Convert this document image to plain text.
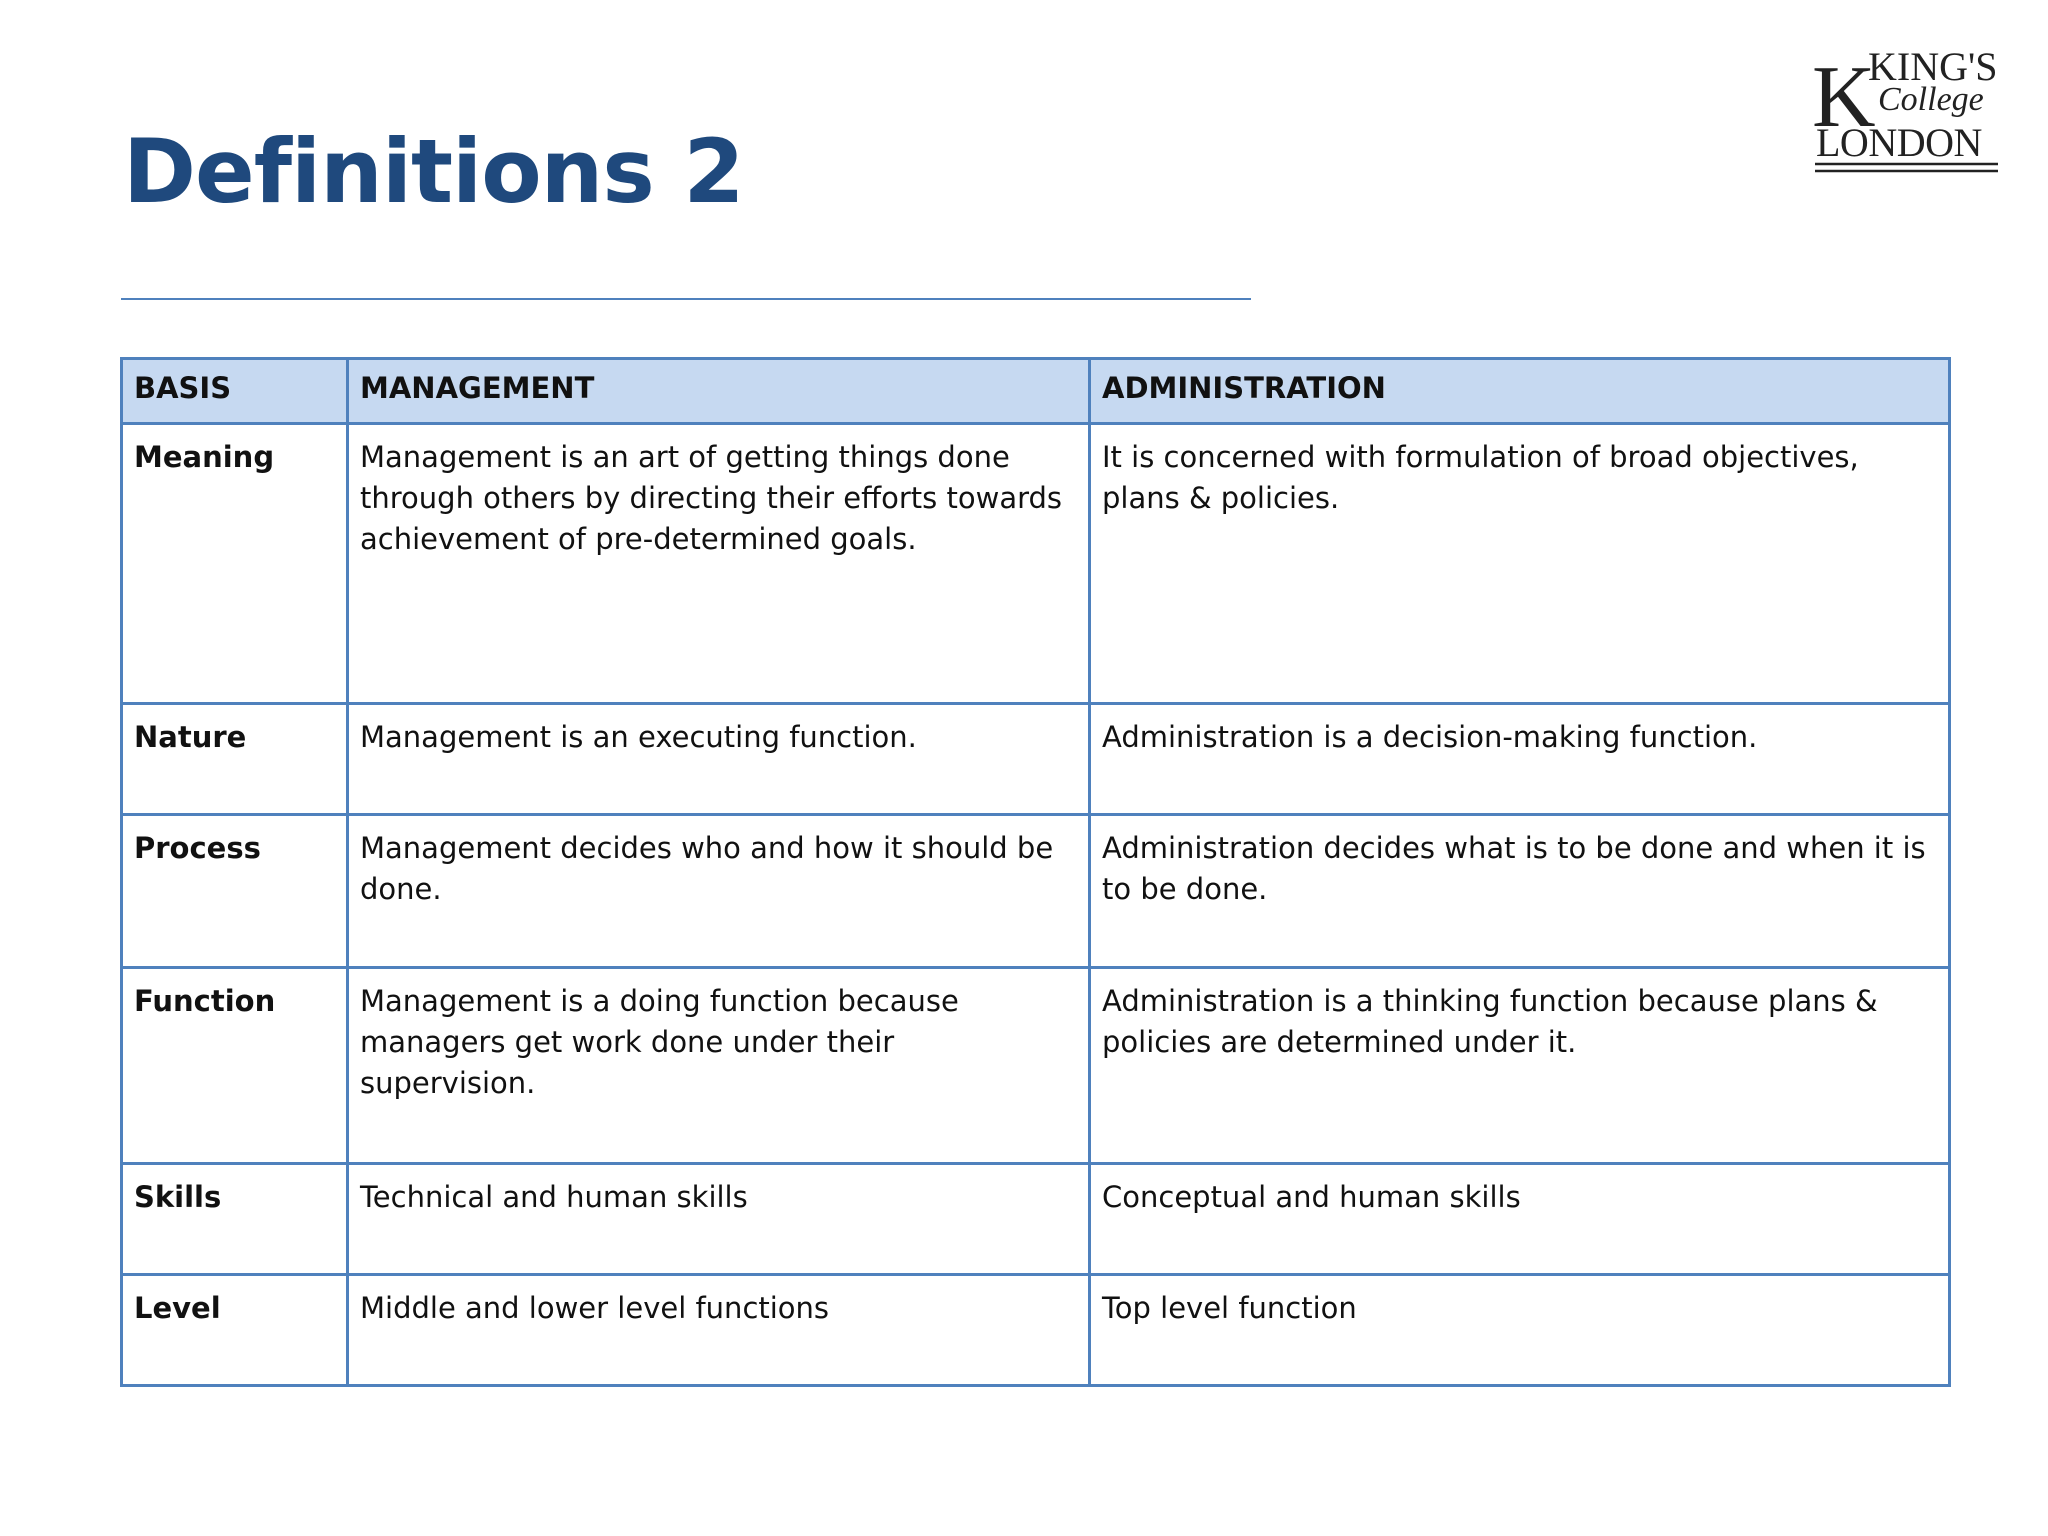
Definitions 2
K
KING'S
College
LONDON
BASIS	MANAGEMENT	ADMINISTRATION
Meaning	Management is an art of getting things done through others by directing their efforts towards achievement of pre-determined goals.	It is concerned with formulation of broad objectives, plans & policies.
Nature	Management is an executing function.	Administration is a decision-making function.
Process	Management decides who and how it should be done.	Administration decides what is to be done and when it is to be done.
Function	Management is a doing function because managers get work done under their supervision.	Administration is a thinking function because plans & policies are determined under it.
Skills	Technical and human skills	Conceptual and human skills
Level	Middle and lower level functions	Top level function
